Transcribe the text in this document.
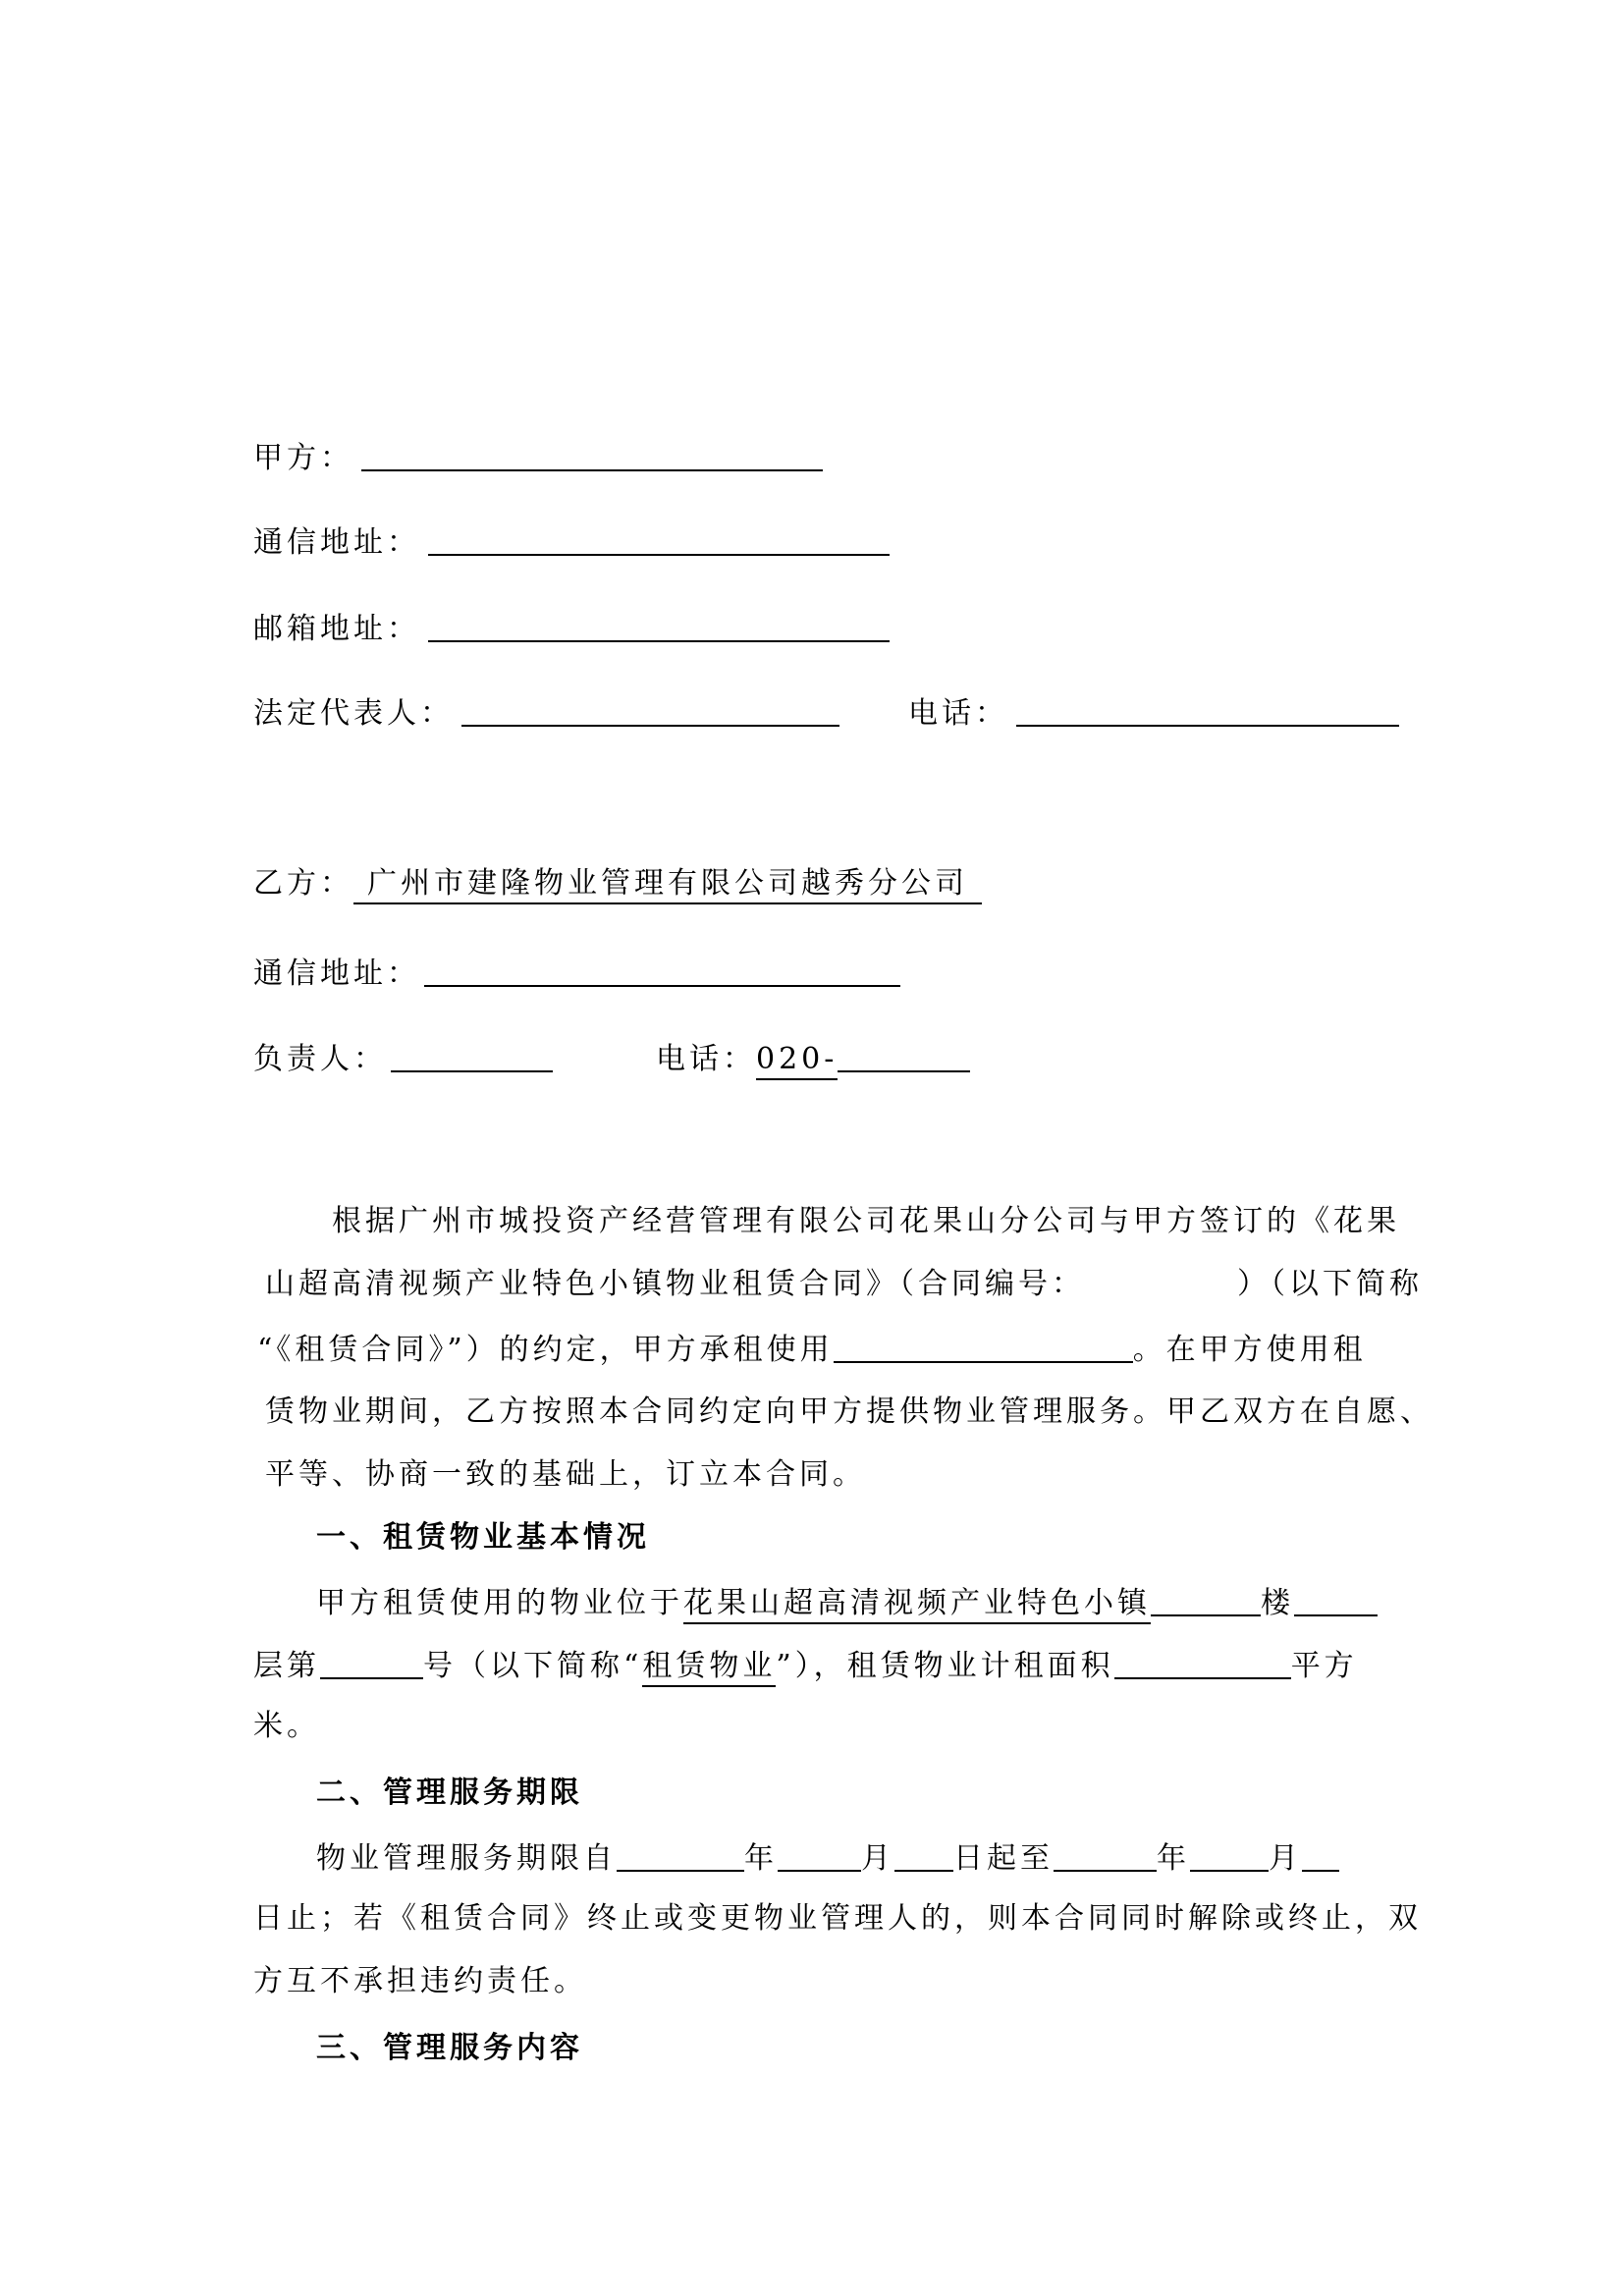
甲方：
通信地址：
邮箱地址：
法定代表人：	电话：
乙方： 广州市建隆物业管理有限公司越秀分公司
通信地址：
负责人：	电话：020-
根据广州市城投资产经营管理有限公司花果山分公司与甲方签订的《花果
山超高清视频产业特色小镇物业租赁合同》（合同编号：	）（以下简称
“《租赁合同》”）的约定，甲方承租使用	。在甲方使用租
赁物业期间，乙方按照本合同约定向甲方提供物业管理服务。甲乙双方在自愿、
平等、协商一致的基础上，订立本合同。
一、租赁物业基本情况
甲方租赁使用的物业位于花果山超高清视频产业特色小镇	楼
层第	号（以下简称“租赁物业”），租赁物业计租面积	平方
米。
二、管理服务期限
物业管理服务期限自	年	月 日起至	年	月
日止；若《租赁合同》终止或变更物业管理人的，则本合同同时解除或终止，双
方互不承担违约责任。
三、管理服务内容
